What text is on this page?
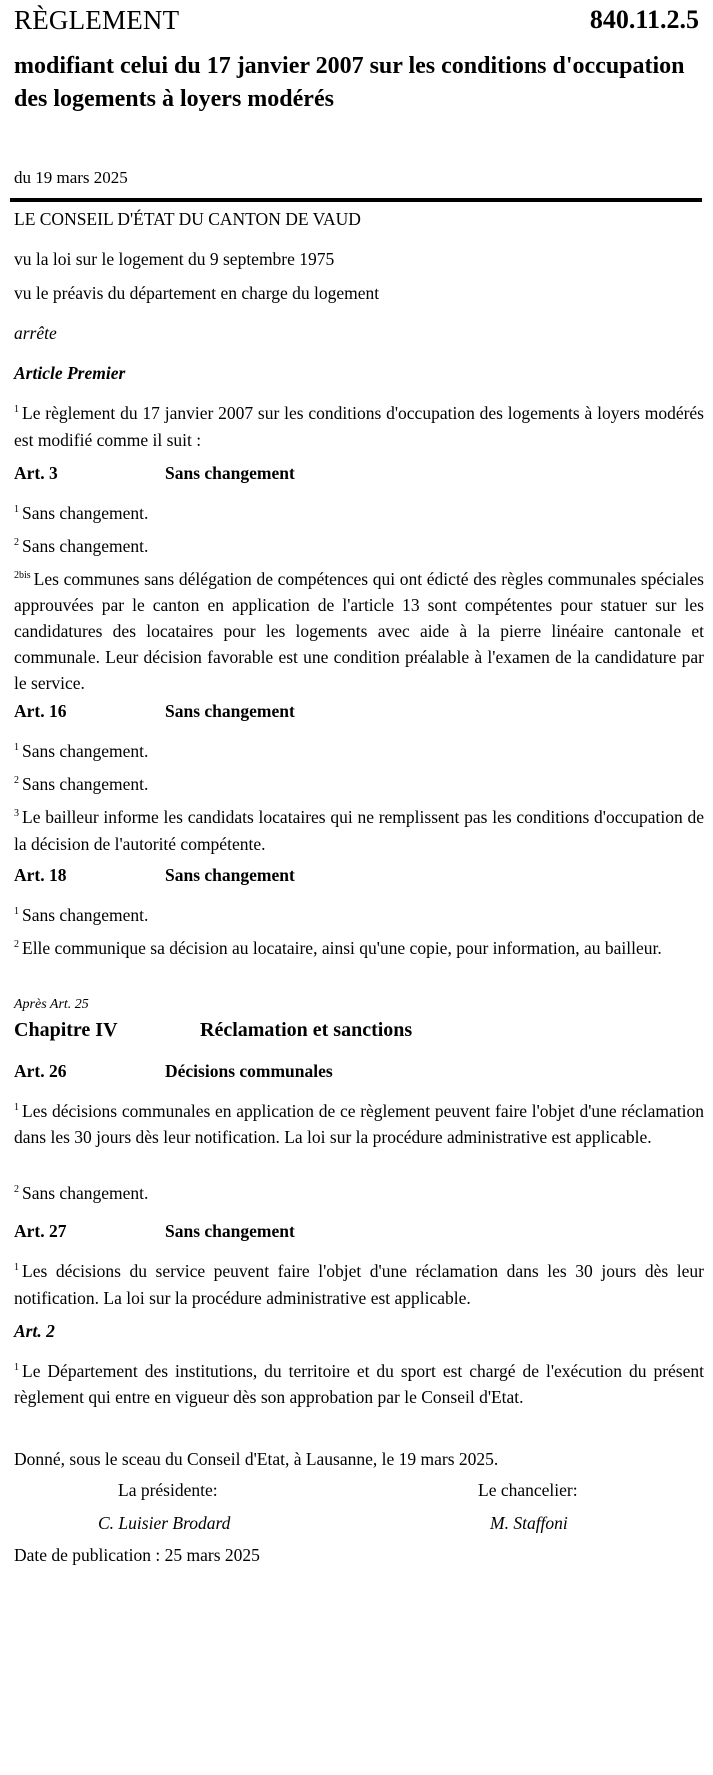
RÈGLEMENT	840.11.2.5
modifiant celui du 17 janvier 2007 sur les conditions d'occupation des logements à loyers modérés
du 19 mars 2025
LE CONSEIL D'ÉTAT DU CANTON DE VAUD
vu la loi sur le logement du 9 septembre 1975
vu le préavis du département en charge du logement
arrête
Article Premier
$^1$ Le règlement du 17 janvier 2007 sur les conditions d'occupation des logements à loyers modérés est modifié comme il suit :
Art. 3	Sans changement
$^1$ Sans changement.
$^2$ Sans changement.
$^{2bis}$ Les communes sans délégation de compétences qui ont édicté des règles communales spéciales approuvées par le canton en application de l'article 13 sont compétentes pour statuer sur les candidatures des locataires pour les logements avec aide à la pierre linéaire cantonale et communale. Leur décision favorable est une condition préalable à l'examen de la candidature par le service.
Art. 16	Sans changement
$^1$ Sans changement.
$^2$ Sans changement.
$^3$ Le bailleur informe les candidats locataires qui ne remplissent pas les conditions d'occupation de la décision de l'autorité compétente.
Art. 18	Sans changement
$^1$ Sans changement.
$^2$ Elle communique sa décision au locataire, ainsi qu'une copie, pour information, au bailleur.
Après Art. 25
Chapitre IV	Réclamation et sanctions
Art. 26	Décisions communales
$^1$ Les décisions communales en application de ce règlement peuvent faire l'objet d'une réclamation dans les 30 jours dès leur notification. La loi sur la procédure administrative est applicable.
$^2$ Sans changement.
Art. 27	Sans changement
$^1$ Les décisions du service peuvent faire l'objet d'une réclamation dans les 30 jours dès leur notification. La loi sur la procédure administrative est applicable.
Art. 2
$^1$ Le Département des institutions, du territoire et du sport est chargé de l'exécution du présent règlement qui entre en vigueur dès son approbation par le Conseil d'Etat.
Donné, sous le sceau du Conseil d'Etat, à Lausanne, le 19 mars 2025.
La présidente:	Le chancelier:
C. Luisier Brodard	M. Staffoni
Date de publication : 25 mars 2025
